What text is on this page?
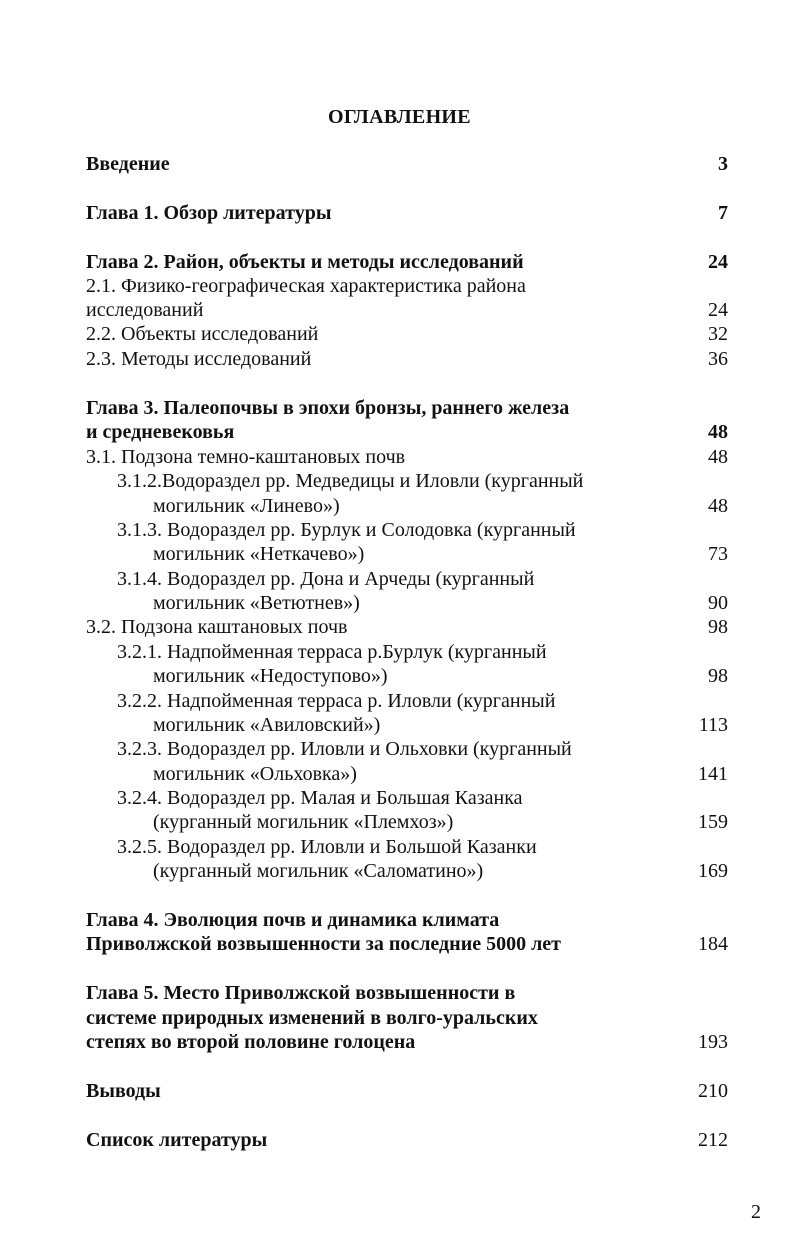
ОГЛАВЛЕНИЕ
Введение	3
Глава 1. Обзор литературы	7
Глава 2. Район, объекты и методы исследований	24
2.1. Физико-географическая характеристика района
исследований	24
2.2. Объекты исследований	32
2.3. Методы исследований	36
Глава 3. Палеопочвы в эпохи бронзы, раннего железа
и средневековья	48
3.1. Подзона темно-каштановых почв	48
3.1.2.Водораздел рр. Медведицы и Иловли (курганный
могильник «Линево»)	48
3.1.3. Водораздел рр. Бурлук и Солодовка (курганный
могильник «Неткачево»)	73
3.1.4. Водораздел рр. Дона и Арчеды (курганный
могильник «Ветютнев»)	90
3.2. Подзона каштановых почв	98
3.2.1. Надпойменная терраса р.Бурлук (курганный
могильник «Недоступово»)	98
3.2.2. Надпойменная терраса р. Иловли (курганный
могильник «Авиловский»)	113
3.2.3. Водораздел рр. Иловли и Ольховки (курганный
могильник «Ольховка»)	141
3.2.4. Водораздел рр. Малая и Большая Казанка
(курганный могильник «Племхоз»)	159
3.2.5. Водораздел рр. Иловли и Большой Казанки
(курганный могильник «Саломатино»)	169
Глава 4. Эволюция почв и динамика климата
Приволжской возвышенности за последние 5000 лет	184
Глава 5. Место Приволжской возвышенности в
системе природных изменений в волго-уральских
степях во второй половине голоцена	193
Выводы	210
Список литературы	212
2
